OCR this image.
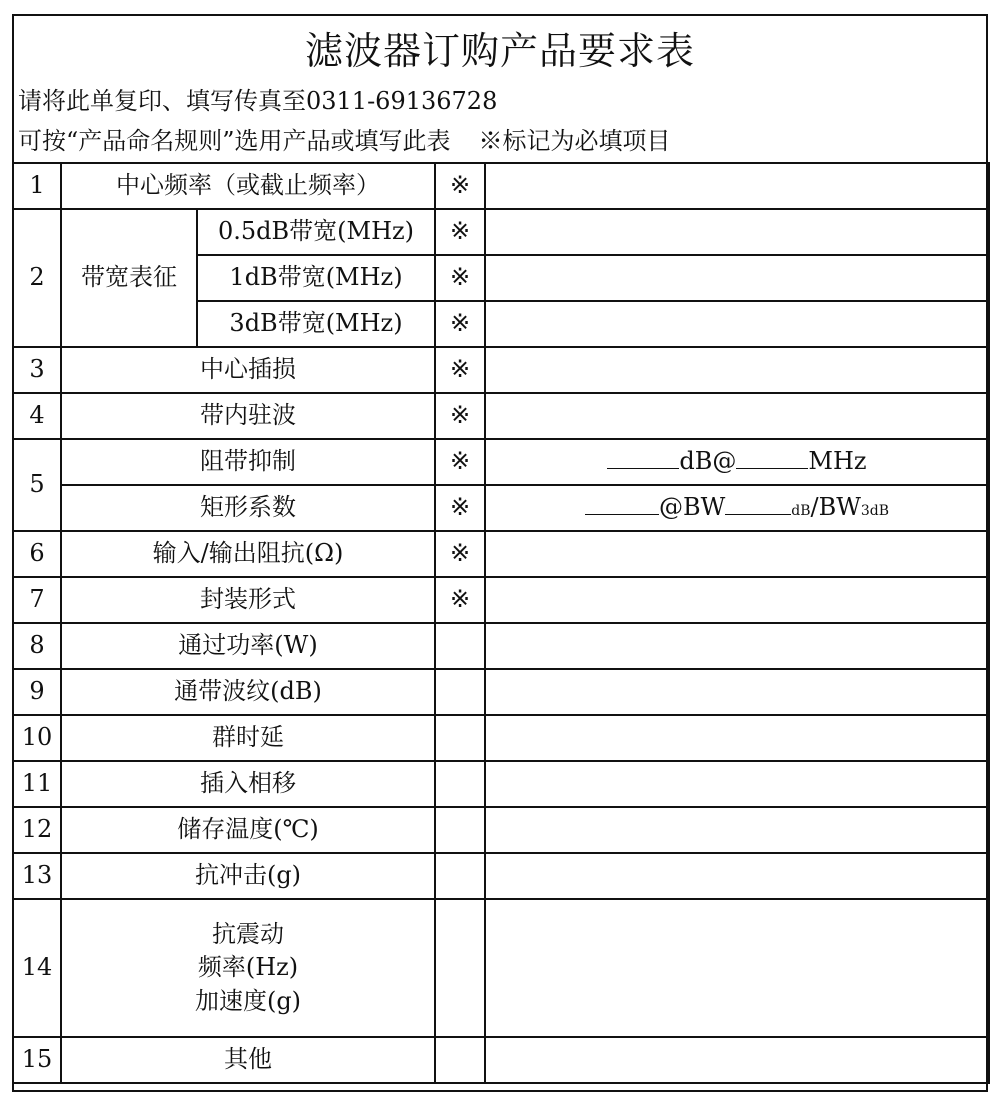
滤波器订购产品要求表
请将此单复印、填写传真至0311-69136728
可按“产品命名规则”选用产品或填写此表 ※标记为必填项目
1	中心频率（或截止频率）		※	
2	带宽表征	0.5dB带宽(MHz)	※	
		1dB带宽(MHz)	※	
		3dB带宽(MHz)	※	
3	中心插损		※	
4	带内驻波		※	
5	阻带抑制		※	dB@ MHz
	矩形系数		※	@BW dB/BW3dB
6	输入/输出阻抗(Ω)		※	
7	封装形式		※	
8	通过功率(W)			
9	通带波纹(dB)			
10	群时延			
11	插入相移			
12	储存温度(℃)			
13	抗冲击(g)			
14	抗震动
频率(Hz)
加速度(g)			

15	其他			
